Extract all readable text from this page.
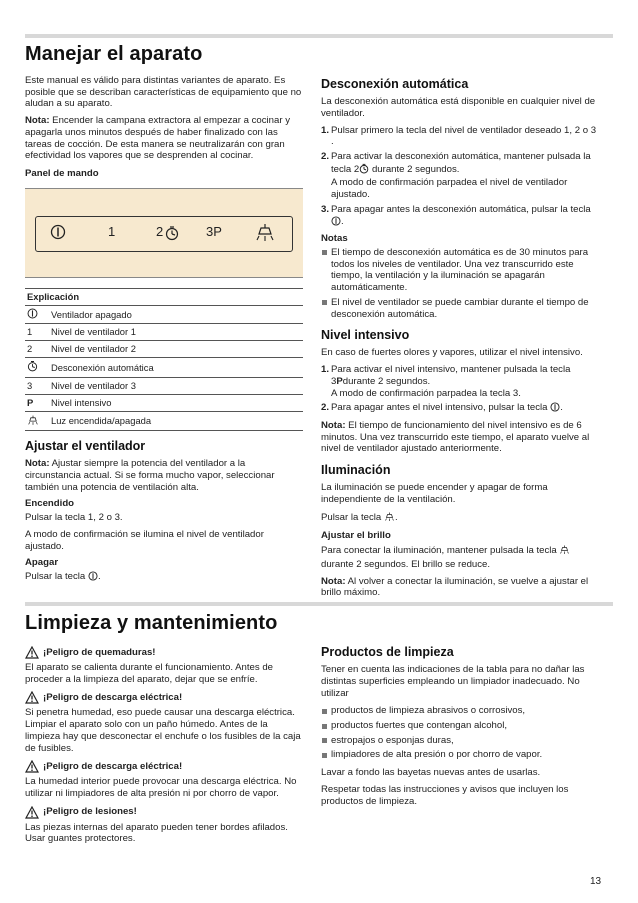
Manejar el aparato

Este manual es válido para distintas variantes de aparato. Es posible que se describan características de equipamiento que no aludan a su aparato.

Nota: Encender la campana extractora al empezar a cocinar y apagarla unos minutos después de haber finalizado con las tareas de cocción. De esta manera se neutralizarán con gran efectividad los vapores que se desprenden al cocinar.

Panel de mando

1	2	3P
Explicación	
	Ventilador apagado
1	Nivel de ventilador 1
2	Nivel de ventilador 2
	Desconexión automática
3	Nivel de ventilador 3
P	Nivel intensivo
	Luz encendida/apagada
Ajustar el ventilador

Nota: Ajustar siempre la potencia del ventilador a la circunstancia actual. Si se forma mucho vapor, seleccionar también una potencia de ventilación alta.

Encendido

Pulsar la tecla 1, 2 o 3.

A modo de confirmación se ilumina el nivel de ventilador ajustado.

Apagar

Pulsar la tecla .

Desconexión automática

La desconexión automática está disponible en cualquier nivel de ventilador.

1. Pulsar primero la tecla del nivel de ventilador deseado 1, 2 o 3 .
2. Para activar la desconexión automática, mantener pulsada la tecla 2 durante 2 segundos.
A modo de confirmación parpadea el nivel de ventilador ajustado.
3. Para apagar antes la desconexión automática, pulsar la tecla .

Notas

El tiempo de desconexión automática es de 30 minutos para todos los niveles de ventilador. Una vez transcurrido este tiempo, la ventilación y la iluminación se apagarán automáticamente.
El nivel de ventilador se puede cambiar durante el tiempo de desconexión automática.
Nivel intensivo

En caso de fuertes olores y vapores, utilizar el nivel intensivo.

1. Para activar el nivel intensivo, mantener pulsada la tecla 3Pdurante 2 segundos.
A modo de confirmación parpadea la tecla 3.
2. Para apagar antes el nivel intensivo, pulsar la tecla .

Nota: El tiempo de funcionamiento del nivel intensivo es de 6 minutos. Una vez transcurrido este tiempo, el aparato vuelve al nivel de ventilador ajustado anteriormente.

Iluminación

La iluminación se puede encender y apagar de forma independiente de la ventilación.

Pulsar la tecla .

Ajustar el brillo

Para conectar la iluminación, mantener pulsada la tecla  durante 2 segundos. El brillo se reduce.

Nota: Al volver a conectar la iluminación, se vuelve a ajustar el brillo máximo.

Limpieza y mantenimiento
¡Peligro de quemaduras!

El aparato se calienta durante el funcionamiento. Antes de proceder a la limpieza del aparato, dejar que se enfríe.

¡Peligro de descarga eléctrica!

Si penetra humedad, eso puede causar una descarga eléctrica. Limpiar el aparato solo con un paño húmedo. Antes de la limpieza hay que desconectar el enchufe o los fusibles de la caja de fusibles.

¡Peligro de descarga eléctrica!

La humedad interior puede provocar una descarga eléctrica. No utilizar ni limpiadores de alta presión ni por chorro de vapor.

¡Peligro de lesiones!

Las piezas internas del aparato pueden tener bordes afilados. Usar guantes protectores.

Productos de limpieza

Tener en cuenta las indicaciones de la tabla para no dañar las distintas superficies empleando un limpiador inadecuado. No utilizar

productos de limpieza abrasivos o corrosivos,
productos fuertes que contengan alcohol,
estropajos o esponjas duras,
limpiadores de alta presión o por chorro de vapor.

Lavar a fondo las bayetas nuevas antes de usarlas.

Respetar todas las instrucciones y avisos que incluyen los productos de limpieza.

13
